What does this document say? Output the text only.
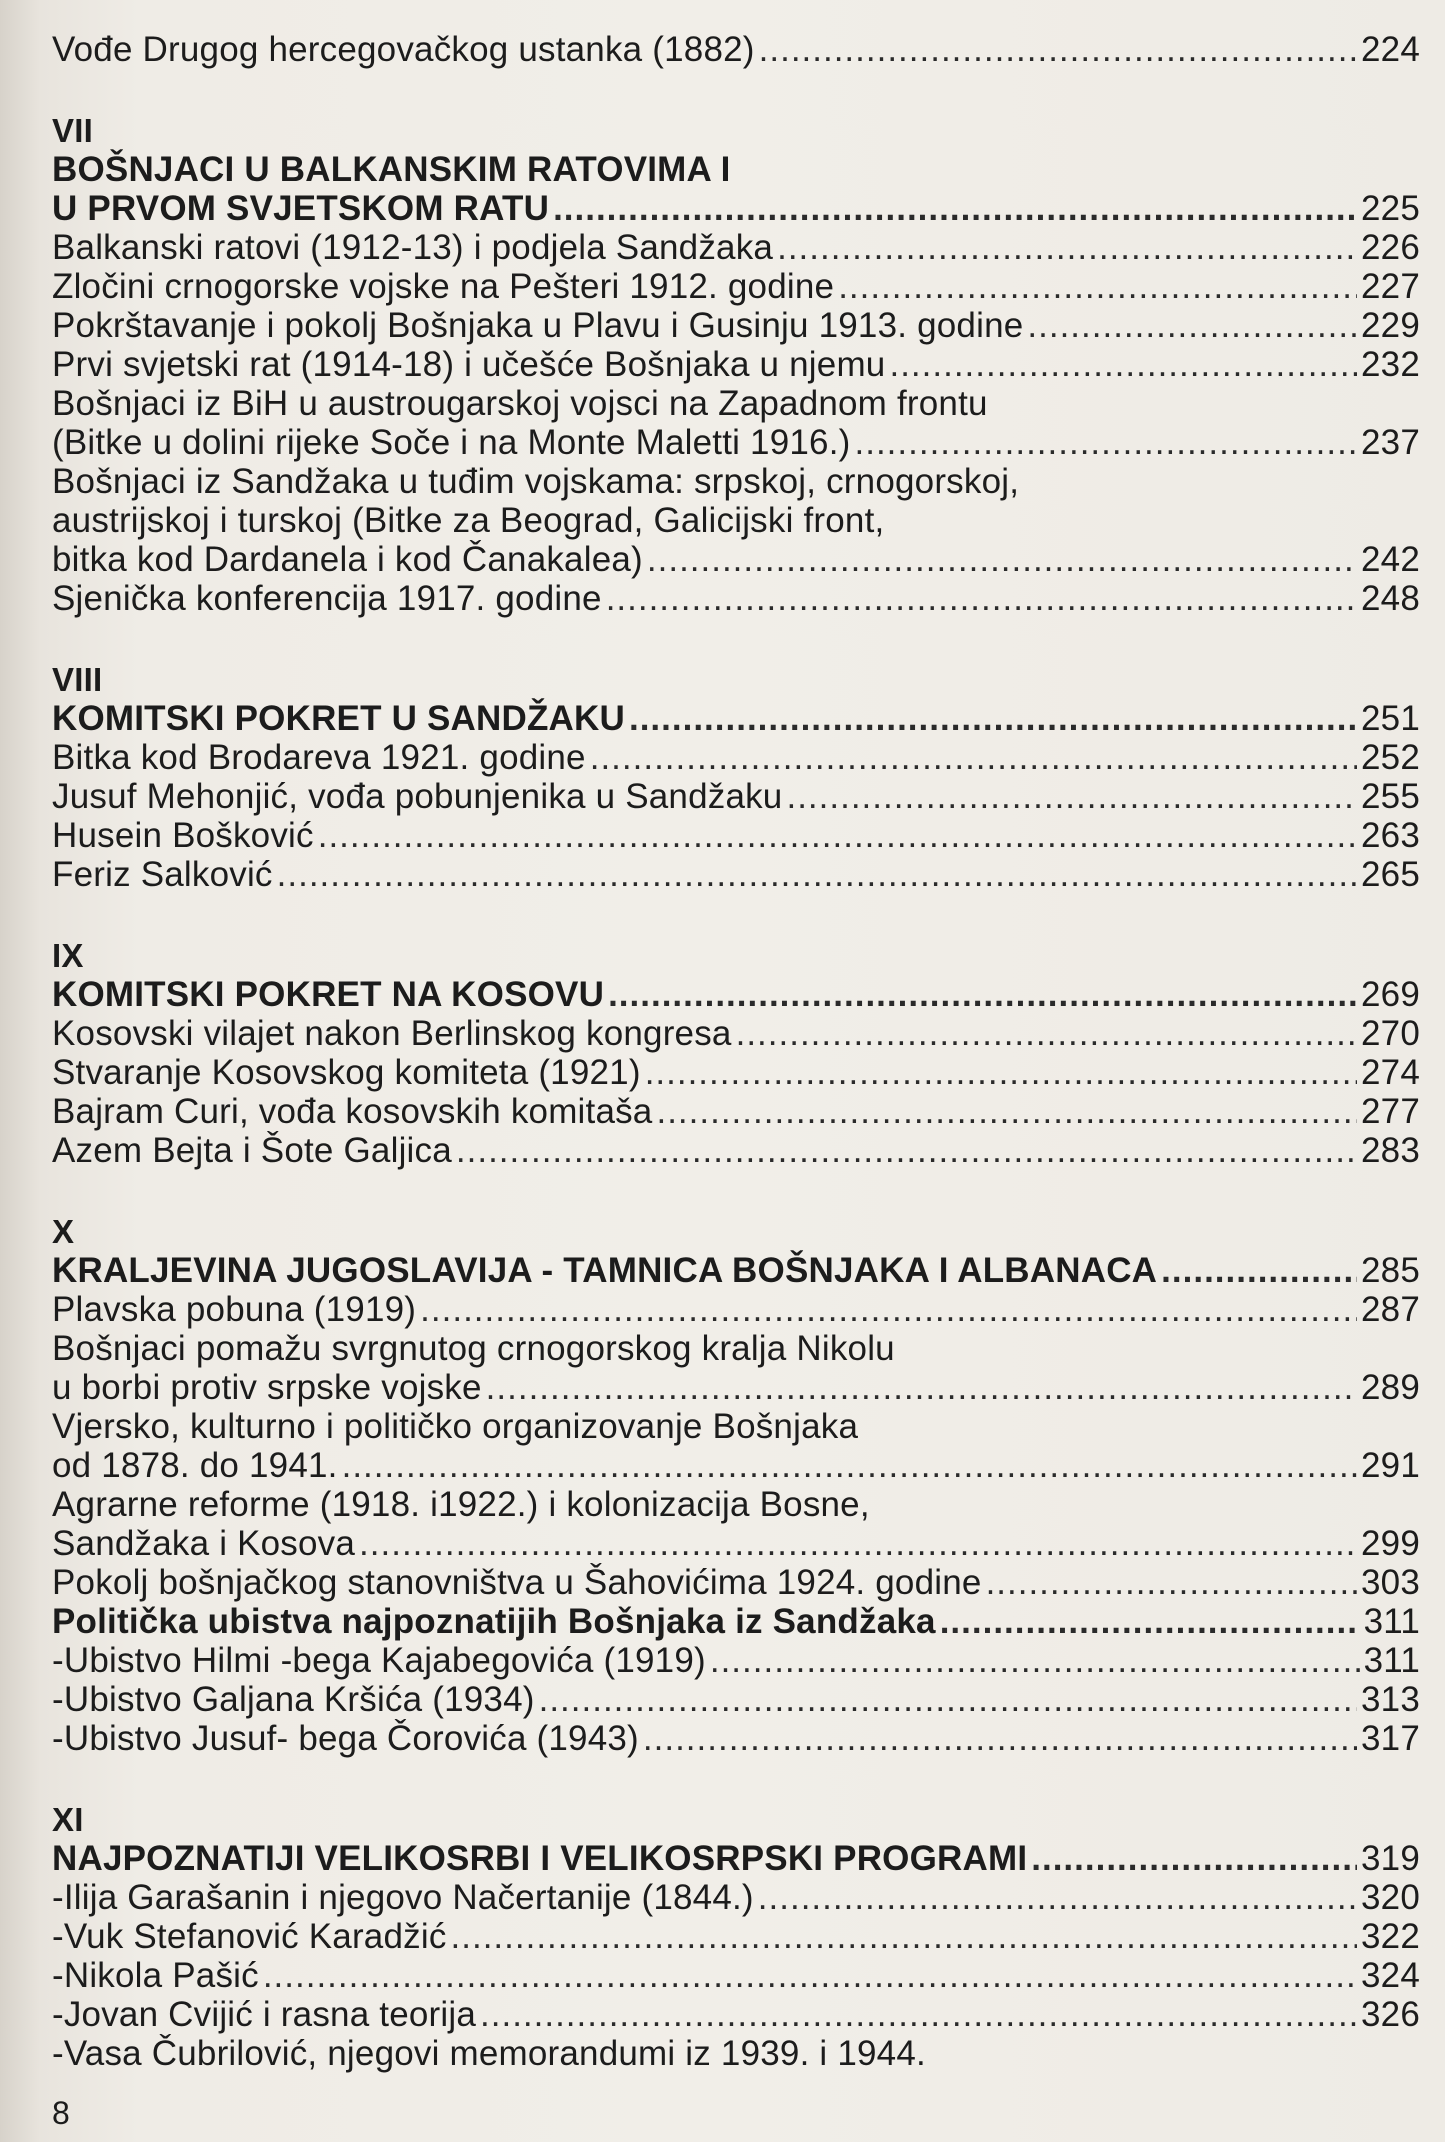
Vođe Drugog hercegovačkog ustanka (1882) .....	224
VII
BOŠNJACI U BALKANSKIM RATOVIMA I
U PRVOM SVJETSKOM RATU .....	225
Balkanski ratovi (1912-13) i podjela Sandžaka .....	226
Zločini crnogorske vojske na Pešteri 1912. godine .....	227
Pokrštavanje i pokolj Bošnjaka u Plavu i Gusinju 1913. godine .....	229
Prvi svjetski rat (1914-18) i učešće Bošnjaka u njemu .....	232
Bošnjaci iz BiH u austrougarskoj vojsci na Zapadnom frontu
(Bitke u dolini rijeke Soče i na Monte Maletti 1916.) .....	237
Bošnjaci iz Sandžaka u tuđim vojskama: srpskoj, crnogorskoj,
austrijskoj i turskoj (Bitke za Beograd, Galicijski front,
bitka kod Dardanela i kod Čanakalea) .....	242
Sjenička konferencija 1917. godine .....	248
VIII
KOMITSKI POKRET U SANDŽAKU .....	251
Bitka kod Brodareva 1921. godine .....	252
Jusuf Mehonjić, vođa pobunjenika u Sandžaku .....	255
Husein Bošković .....	263
Feriz Salković .....	265
IX
KOMITSKI POKRET NA KOSOVU .....	269
Kosovski vilajet nakon Berlinskog kongresa .....	270
Stvaranje Kosovskog komiteta (1921) .....	274
Bajram Curi, vođa kosovskih komitaša .....	277
Azem Bejta i Šote Galjica .....	283
X
KRALJEVINA JUGOSLAVIJA - TAMNICA BOŠNJAKA I ALBANACA .....	285
Plavska pobuna (1919) .....	287
Bošnjaci pomažu svrgnutog crnogorskog kralja Nikolu
u borbi protiv srpske vojske .....	289
Vjersko, kulturno i političko organizovanje Bošnjaka
od 1878. do 1941. .....	291
Agrarne reforme (1918. i1922.) i kolonizacija Bosne,
Sandžaka i Kosova .....	299
Pokolj bošnjačkog stanovništva u Šahovićima 1924. godine .....	303
Politička ubistva najpoznatijih Bošnjaka iz Sandžaka .....	311
-Ubistvo Hilmi -bega Kajabegovića (1919) .....	311
-Ubistvo Galjana Kršića (1934) .....	313
-Ubistvo Jusuf- bega Čorovića (1943) .....	317
XI
NAJPOZNATIJI VELIKOSRBI I VELIKOSRPSKI PROGRAMI .....	319
-Ilija Garašanin i njegovo Načertanije (1844.) .....	320
-Vuk Stefanović Karadžić .....	322
-Nikola Pašić .....	324
-Jovan Cvijić i rasna teorija .....	326
-Vasa Čubrilović, njegovi memorandumi iz 1939. i 1944.
8
